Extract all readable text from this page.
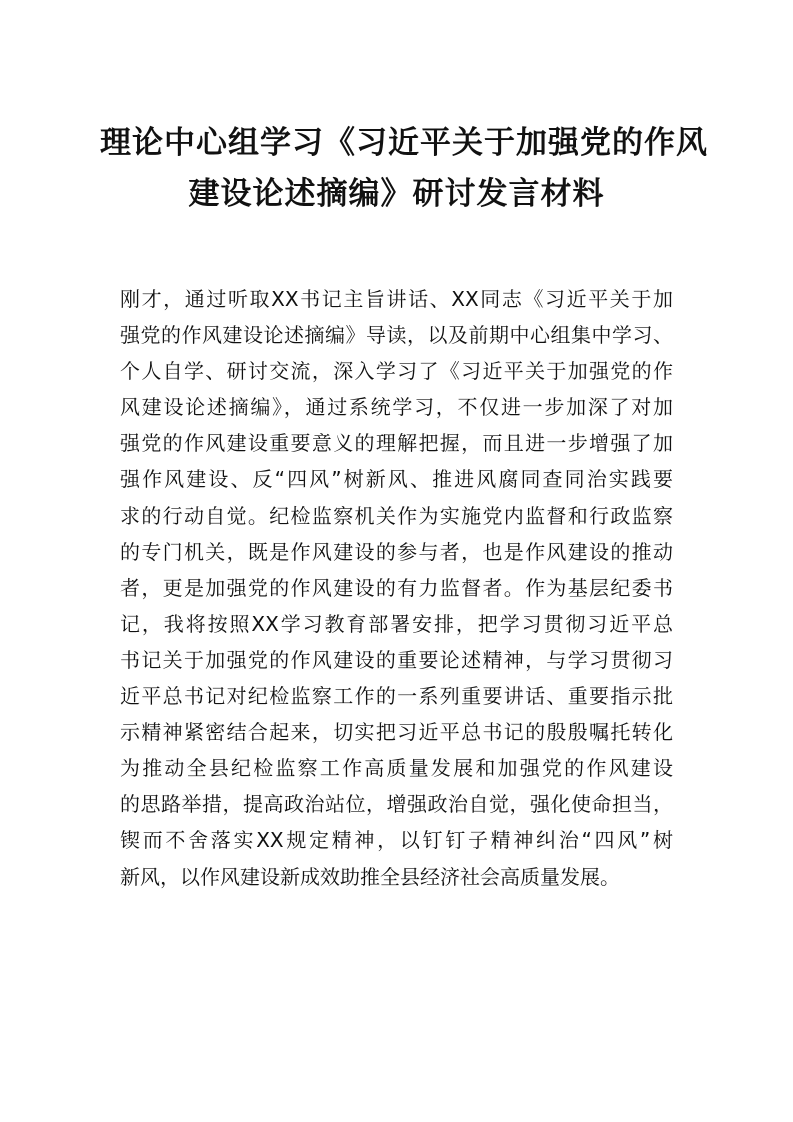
理论中心组学习《习近平关于加强党的作风
建设论述摘编》研讨发言材料
刚才，通过听取XX书记主旨讲话、XX同志《习近平关于加
强党的作风建设论述摘编》导读，以及前期中心组集中学习、
个人自学、研讨交流，深入学习了《习近平关于加强党的作
风建设论述摘编》，通过系统学习，不仅进一步加深了对加
强党的作风建设重要意义的理解把握，而且进一步增强了加
强作风建设、反“四风”树新风、推进风腐同查同治实践要
求的行动自觉。纪检监察机关作为实施党内监督和行政监察
的专门机关，既是作风建设的参与者，也是作风建设的推动
者，更是加强党的作风建设的有力监督者。作为基层纪委书
记，我将按照XX学习教育部署安排，把学习贯彻习近平总
书记关于加强党的作风建设的重要论述精神，与学习贯彻习
近平总书记对纪检监察工作的一系列重要讲话、重要指示批
示精神紧密结合起来，切实把习近平总书记的殷殷嘱托转化
为推动全县纪检监察工作高质量发展和加强党的作风建设
的思路举措，提高政治站位，增强政治自觉，强化使命担当，
锲而不舍落实XX规定精神，以钉钉子精神纠治“四风”树
新风，以作风建设新成效助推全县经济社会高质量发展。
